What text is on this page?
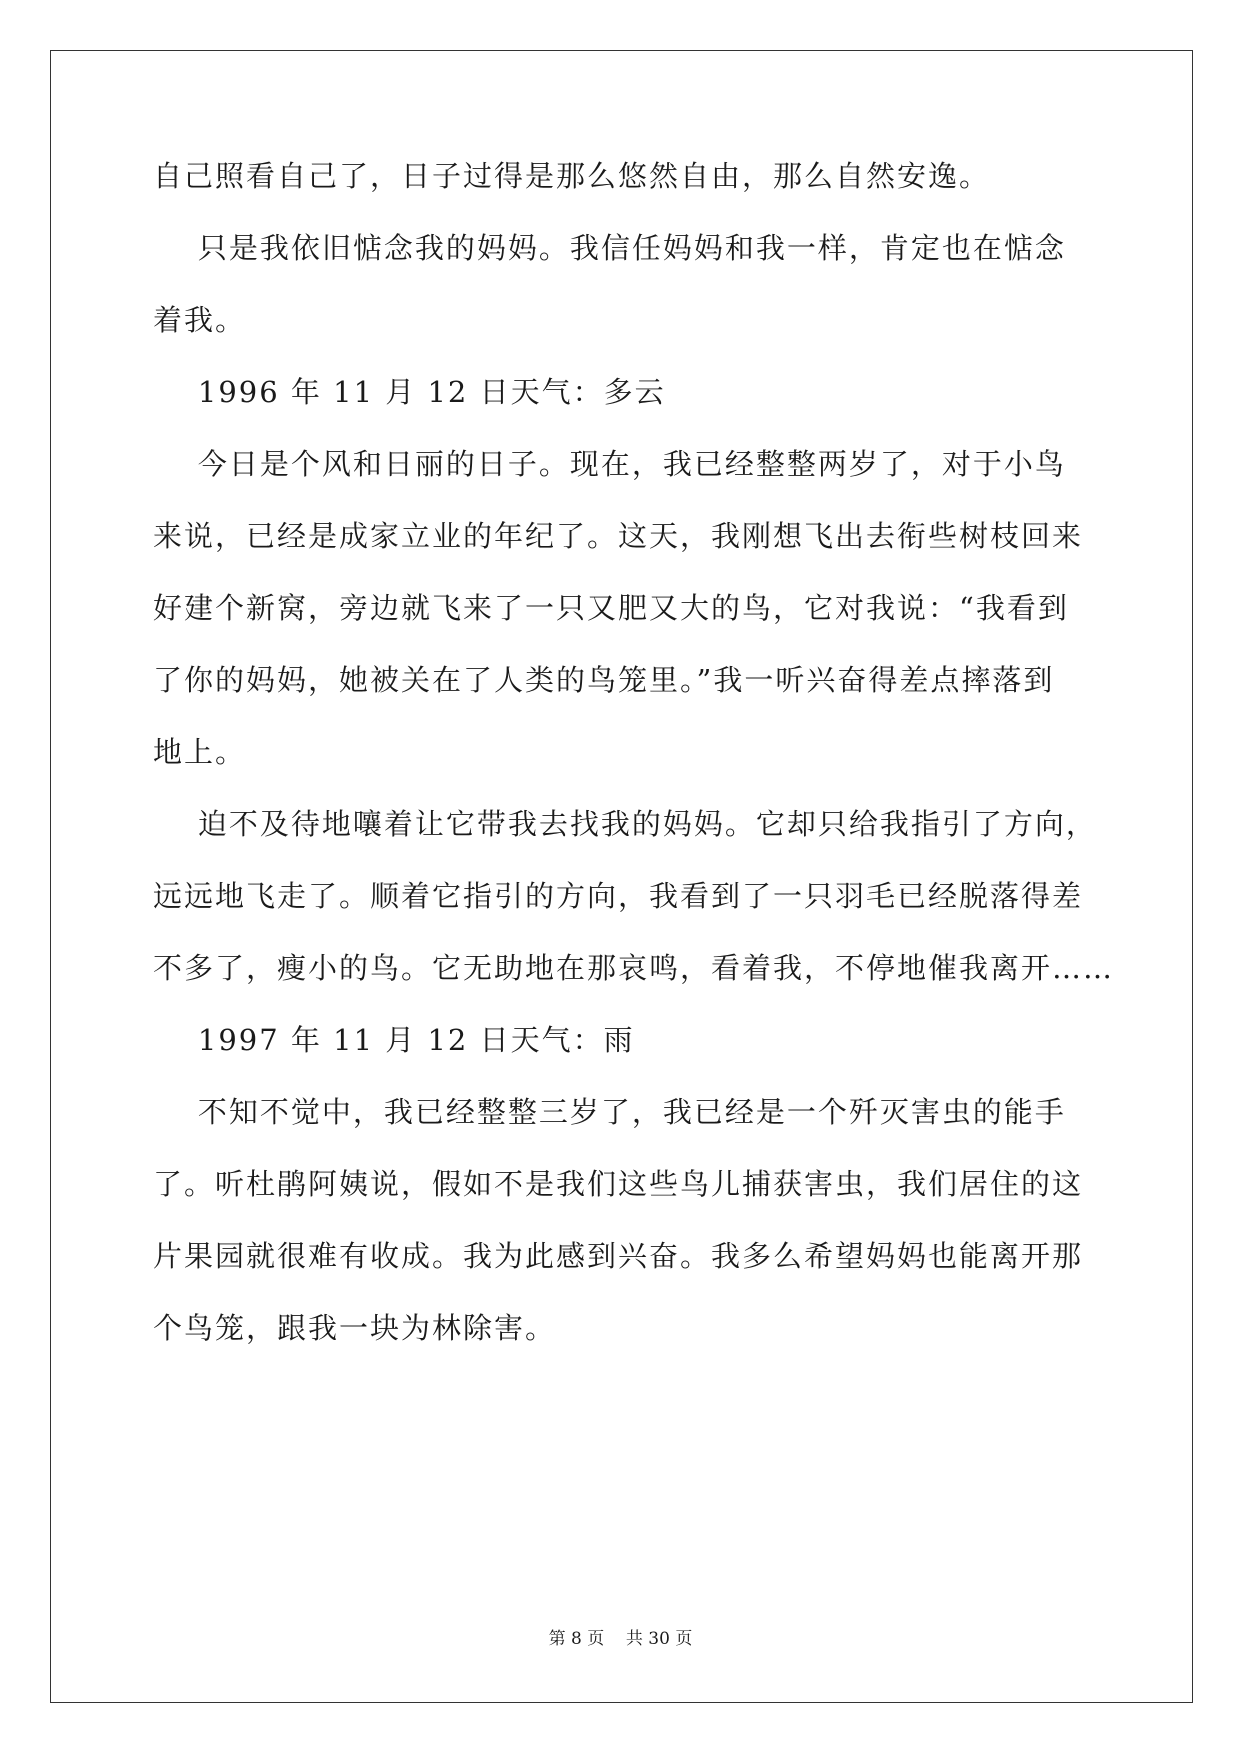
自己照看自己了，日子过得是那么悠然自由，那么自然安逸。
只是我依旧惦念我的妈妈。我信任妈妈和我一样，肯定也在惦念
着我。
1996 年 11 月 12 日天气：多云
今日是个风和日丽的日子。现在，我已经整整两岁了，对于小鸟
来说，已经是成家立业的年纪了。这天，我刚想飞出去衔些树枝回来
好建个新窝，旁边就飞来了一只又肥又大的鸟，它对我说：“我看到
了你的妈妈，她被关在了人类的鸟笼里。”我一听兴奋得差点摔落到
地上。
迫不及待地嚷着让它带我去找我的妈妈。它却只给我指引了方向，
远远地飞走了。顺着它指引的方向，我看到了一只羽毛已经脱落得差
不多了，瘦小的鸟。它无助地在那哀鸣，看着我，不停地催我离开……
1997 年 11 月 12 日天气：雨
不知不觉中，我已经整整三岁了，我已经是一个歼灭害虫的能手
了。听杜鹃阿姨说，假如不是我们这些鸟儿捕获害虫，我们居住的这
片果园就很难有收成。我为此感到兴奋。我多么希望妈妈也能离开那
个鸟笼，跟我一块为林除害。
第 8 页    共 30 页
